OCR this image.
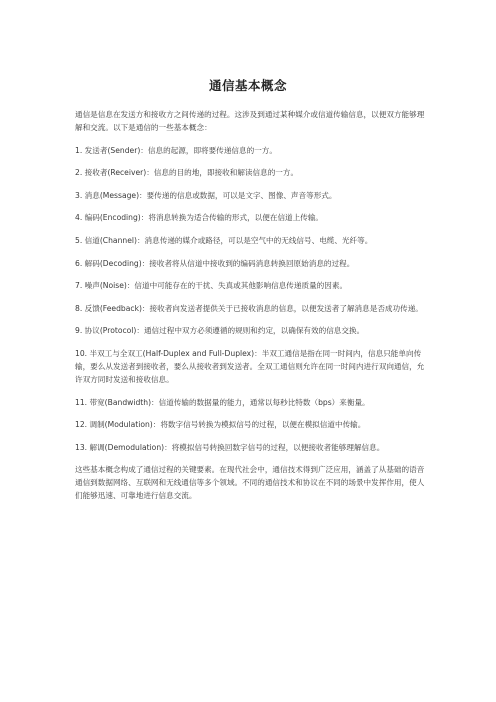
通信基本概念

通信是信息在发送方和接收方之间传递的过程。这涉及到通过某种媒介或信道传输信息，以便双方能够理解和交流。以下是通信的一些基本概念：

1. 发送者(Sender)：信息的起源，即将要传递信息的一方。

2. 接收者(Receiver)：信息的目的地，即接收和解读信息的一方。

3. 消息(Message)：要传递的信息或数据，可以是文字、图像、声音等形式。

4. 编码(Encoding)：将消息转换为适合传输的形式，以便在信道上传输。

5. 信道(Channel)：消息传递的媒介或路径，可以是空气中的无线信号、电缆、光纤等。

6. 解码(Decoding)：接收者将从信道中接收到的编码消息转换回原始消息的过程。

7. 噪声(Noise)：信道中可能存在的干扰、失真或其他影响信息传递质量的因素。

8. 反馈(Feedback)：接收者向发送者提供关于已接收消息的信息，以便发送者了解消息是否成功传递。

9. 协议(Protocol)：通信过程中双方必须遵循的规则和约定，以确保有效的信息交换。

10. 半双工与全双工(Half-Duplex and Full-Duplex)：半双工通信是指在同一时间内，信息只能单向传输，要么从发送者到接收者，要么从接收者到发送者。全双工通信则允许在同一时间内进行双向通信，允许双方同时发送和接收信息。

11. 带宽(Bandwidth)：信道传输的数据量的能力，通常以每秒比特数（bps）来衡量。

12. 调制(Modulation)：将数字信号转换为模拟信号的过程，以便在模拟信道中传输。

13. 解调(Demodulation)：将模拟信号转换回数字信号的过程，以便接收者能够理解信息。

这些基本概念构成了通信过程的关键要素。在现代社会中，通信技术得到广泛应用，涵盖了从基础的语音通信到数据网络、互联网和无线通信等多个领域。不同的通信技术和协议在不同的场景中发挥作用，使人们能够迅速、可靠地进行信息交流。
